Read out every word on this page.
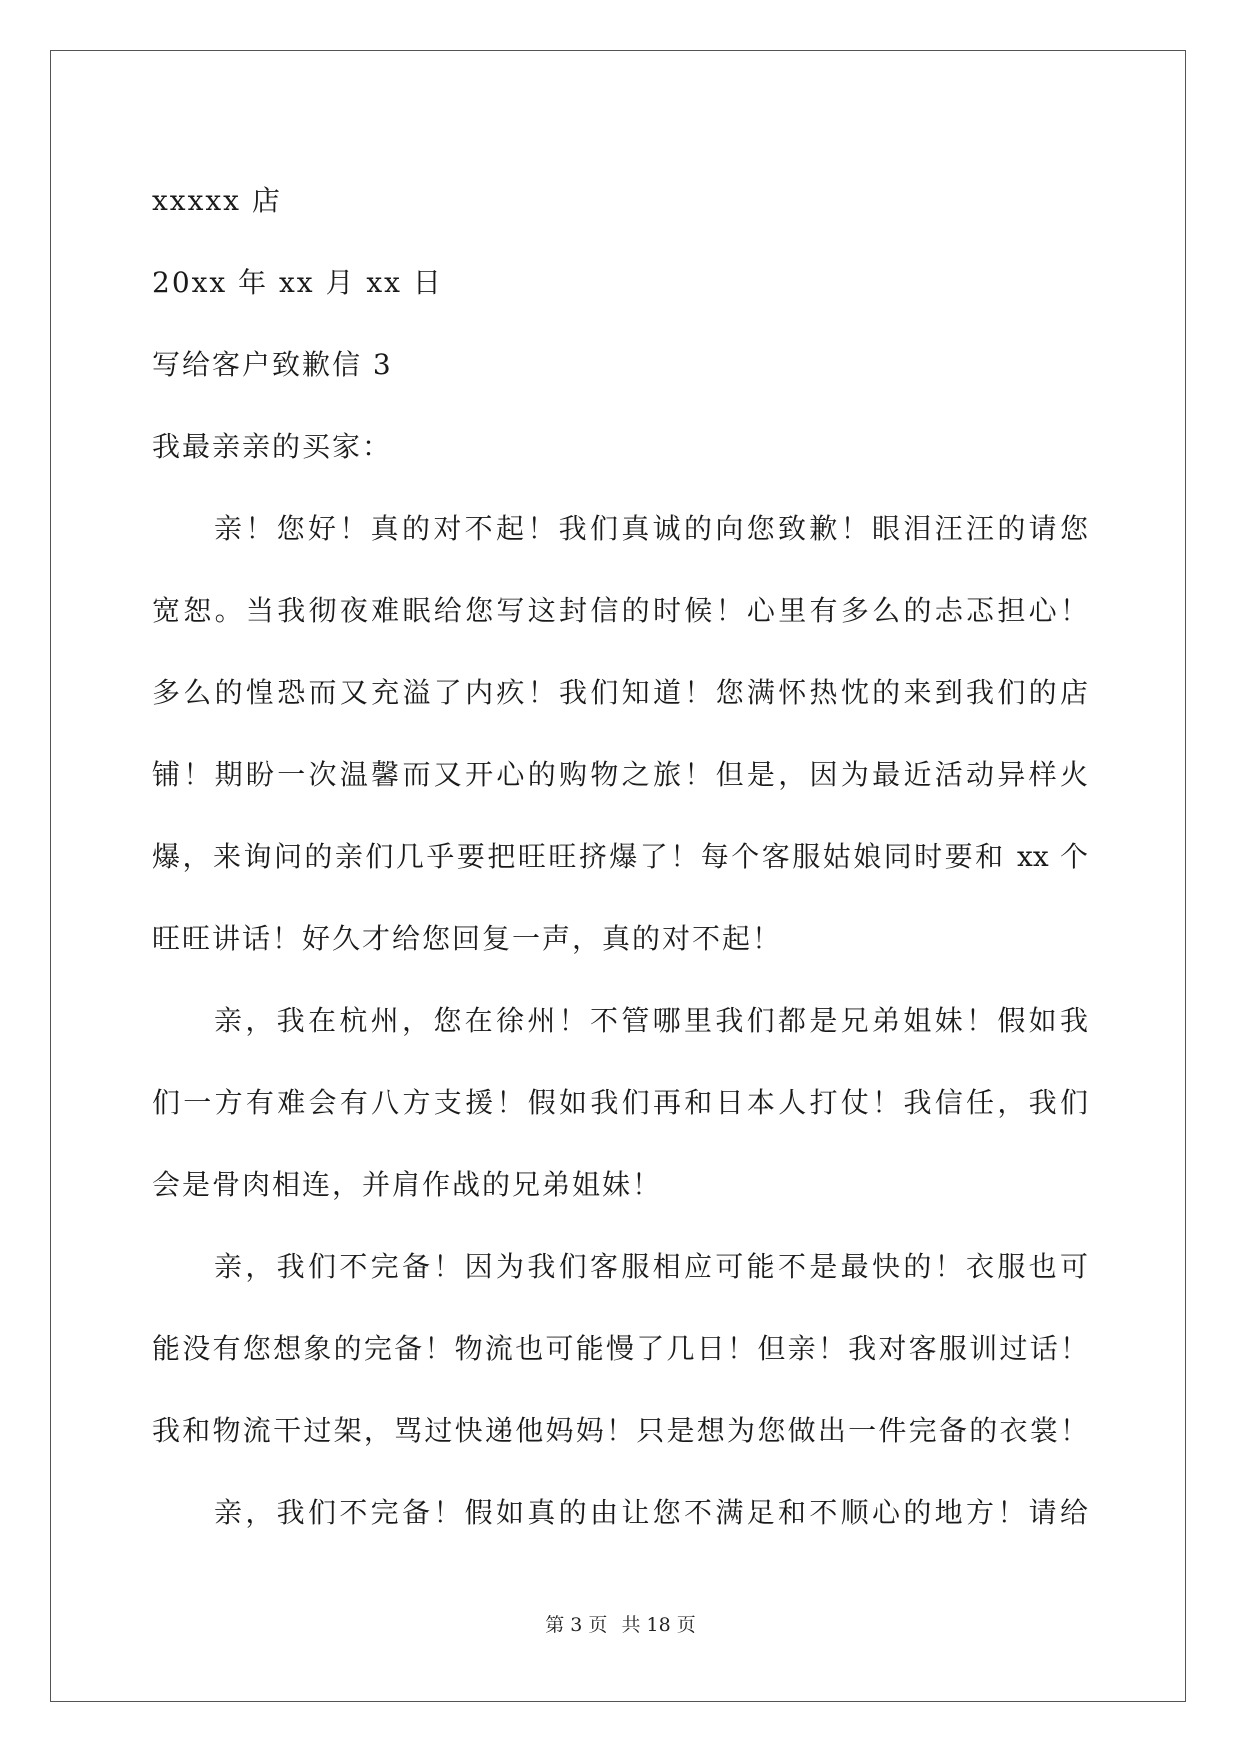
xxxxx 店
20xx 年 xx 月 xx 日
写给客户致歉信 3
我最亲亲的买家：
亲！您好！真的对不起！我们真诚的向您致歉！眼泪汪汪的请您
宽恕。当我彻夜难眠给您写这封信的时候！心里有多么的忐忑担心！
多么的惶恐而又充溢了内疚！我们知道！您满怀热忱的来到我们的店
铺！期盼一次温馨而又开心的购物之旅！但是，因为最近活动异样火
爆，来询问的亲们几乎要把旺旺挤爆了！每个客服姑娘同时要和 xx 个
旺旺讲话！好久才给您回复一声，真的对不起！
亲，我在杭州，您在徐州！不管哪里我们都是兄弟姐妹！假如我
们一方有难会有八方支援！假如我们再和日本人打仗！我信任，我们
会是骨肉相连，并肩作战的兄弟姐妹！
亲，我们不完备！因为我们客服相应可能不是最快的！衣服也可
能没有您想象的完备！物流也可能慢了几日！但亲！我对客服训过话！
我和物流干过架，骂过快递他妈妈！只是想为您做出一件完备的衣裳！
亲，我们不完备！假如真的由让您不满足和不顺心的地方！请给
第 3 页 共 18 页
